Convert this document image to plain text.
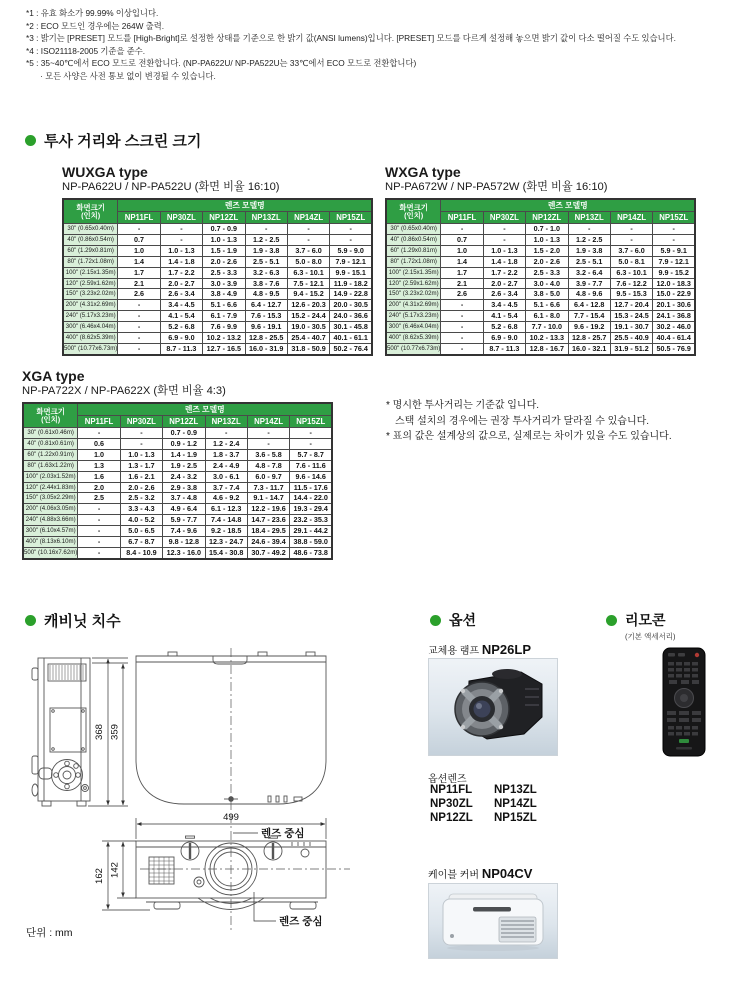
*1 : 유효 화소가 99.99% 이상입니다.
*2 : ECO 모드인 경우에는 264W 출력.
*3 : 밝기는 [PRESET] 모드를 [High-Bright]로 설정한 상태를 기준으로 한 밝기 값(ANSI lumens)입니다. [PRESET] 모드를 다르게 설정해 놓으면 밝기 값이 다소 떨어질 수도 있습니다.
*4 : ISO21118-2005 기준을 준수.
*5 : 35~40℃에서 ECO 모드로 전환합니다. (NP-PA622U/ NP-PA522U는 33℃에서 ECO 모드로 전환합니다)
· 모든 사양은 사전 통보 없이 변경될 수 있습니다.
투사 거리와 스크린 크기
WUXGA type
NP-PA622U / NP-PA522U (화면 비율 16:10)
화면크기
(인치)	렌즈 모델명					
	NP11FL	NP30ZL	NP12ZL	NP13ZL	NP14ZL	NP15ZL
30" (0.65x0.40m)	-	-	0.7 - 0.9	-	-	-
40" (0.86x0.54m)	0.7	-	1.0 - 1.3	1.2 - 2.5	-	-
60" (1.29x0.81m)	1.0	1.0 - 1.3	1.5 - 1.9	1.9 - 3.8	3.7 - 6.0	5.9 - 9.0
80" (1.72x1.08m)	1.4	1.4 - 1.8	2.0 - 2.6	2.5 - 5.1	5.0 - 8.0	7.9 - 12.1
100" (2.15x1.35m)	1.7	1.7 - 2.2	2.5 - 3.3	3.2 - 6.3	6.3 - 10.1	9.9 - 15.1
120" (2.59x1.62m)	2.1	2.0 - 2.7	3.0 - 3.9	3.8 - 7.6	7.5 - 12.1	11.9 - 18.2
150" (3.23x2.02m)	2.6	2.6 - 3.4	3.8 - 4.9	4.8 - 9.5	9.4 - 15.2	14.9 - 22.8
200" (4.31x2.69m)	-	3.4 - 4.5	5.1 - 6.6	6.4 - 12.7	12.6 - 20.3	20.0 - 30.5
240" (5.17x3.23m)	-	4.1 - 5.4	6.1 - 7.9	7.6 - 15.3	15.2 - 24.4	24.0 - 36.6
300" (6.46x4.04m)	-	5.2 - 6.8	7.6 - 9.9	9.6 - 19.1	19.0 - 30.5	30.1 - 45.8
400" (8.62x5.39m)	-	6.9 - 9.0	10.2 - 13.2	12.8 - 25.5	25.4 - 40.7	40.1 - 61.1
500" (10.77x6.73m)	-	8.7 - 11.3	12.7 - 16.5	16.0 - 31.9	31.8 - 50.9	50.2 - 76.4
WXGA type
NP-PA672W / NP-PA572W (화면 비율 16:10)
화면크기
(인치)	렌즈 모델명					
	NP11FL	NP30ZL	NP12ZL	NP13ZL	NP14ZL	NP15ZL
30" (0.65x0.40m)	-	-	0.7 - 1.0	-	-	-
40" (0.86x0.54m)	0.7	-	1.0 - 1.3	1.2 - 2.5	-	-
60" (1.29x0.81m)	1.0	1.0 - 1.3	1.5 - 2.0	1.9 - 3.8	3.7 - 6.0	5.9 - 9.1
80" (1.72x1.08m)	1.4	1.4 - 1.8	2.0 - 2.6	2.5 - 5.1	5.0 - 8.1	7.9 - 12.1
100" (2.15x1.35m)	1.7	1.7 - 2.2	2.5 - 3.3	3.2 - 6.4	6.3 - 10.1	9.9 - 15.2
120" (2.59x1.62m)	2.1	2.0 - 2.7	3.0 - 4.0	3.9 - 7.7	7.6 - 12.2	12.0 - 18.3
150" (3.23x2.02m)	2.6	2.6 - 3.4	3.8 - 5.0	4.8 - 9.6	9.5 - 15.3	15.0 - 22.9
200" (4.31x2.69m)	-	3.4 - 4.5	5.1 - 6.6	6.4 - 12.8	12.7 - 20.4	20.1 - 30.6
240" (5.17x3.23m)	-	4.1 - 5.4	6.1 - 8.0	7.7 - 15.4	15.3 - 24.5	24.1 - 36.8
300" (6.46x4.04m)	-	5.2 - 6.8	7.7 - 10.0	9.6 - 19.2	19.1 - 30.7	30.2 - 46.0
400" (8.62x5.39m)	-	6.9 - 9.0	10.2 - 13.3	12.8 - 25.7	25.5 - 40.9	40.4 - 61.4
500" (10.77x6.73m)	-	8.7 - 11.3	12.8 - 16.7	16.0 - 32.1	31.9 - 51.2	50.5 - 76.9
XGA type
NP-PA722X / NP-PA622X (화면 비율 4:3)
화면크기
(인치)	렌즈 모델명					
	NP11FL	NP30ZL	NP12ZL	NP13ZL	NP14ZL	NP15ZL
30" (0.61x0.46m)	-	-	0.7 - 0.9	-	-	-
40" (0.81x0.61m)	0.6	-	0.9 - 1.2	1.2 - 2.4	-	-
60" (1.22x0.91m)	1.0	1.0 - 1.3	1.4 - 1.9	1.8 - 3.7	3.6 - 5.8	5.7 - 8.7
80" (1.63x1.22m)	1.3	1.3 - 1.7	1.9 - 2.5	2.4 - 4.9	4.8 - 7.8	7.6 - 11.6
100" (2.03x1.52m)	1.6	1.6 - 2.1	2.4 - 3.2	3.0 - 6.1	6.0 - 9.7	9.6 - 14.6
120" (2.44x1.83m)	2.0	2.0 - 2.6	2.9 - 3.8	3.7 - 7.4	7.3 - 11.7	11.5 - 17.6
150" (3.05x2.29m)	2.5	2.5 - 3.2	3.7 - 4.8	4.6 - 9.2	9.1 - 14.7	14.4 - 22.0
200" (4.06x3.05m)	-	3.3 - 4.3	4.9 - 6.4	6.1 - 12.3	12.2 - 19.6	19.3 - 29.4
240" (4.88x3.66m)	-	4.0 - 5.2	5.9 - 7.7	7.4 - 14.8	14.7 - 23.6	23.2 - 35.3
300" (6.10x4.57m)	-	5.0 - 6.5	7.4 - 9.6	9.2 - 18.5	18.4 - 29.5	29.1 - 44.2
400" (8.13x6.10m)	-	6.7 - 8.7	9.8 - 12.8	12.3 - 24.7	24.6 - 39.4	38.8 - 59.0
500" (10.16x7.62m)	-	8.4 - 10.9	12.3 - 16.0	15.4 - 30.8	30.7 - 49.2	48.6 - 73.8
* 명시한 투사거리는 기준값 입니다.
스택 설치의 경우에는 권장 투사거리가 달라질 수 있습니다.
* 표의 값은 설계상의 값으로, 실제로는 차이가 있을 수도 있습니다.
캐비닛 치수
368 359
499
렌즈 중심
162 142
렌즈 중심
단위 : mm
옵션
교체용 램프 NP26LP
옵션렌즈
NP11FL	NP13ZL
NP30ZL	NP14ZL
NP12ZL	NP15ZL
케이블 커버 NP04CV
리모콘
(기본 액세서리)
